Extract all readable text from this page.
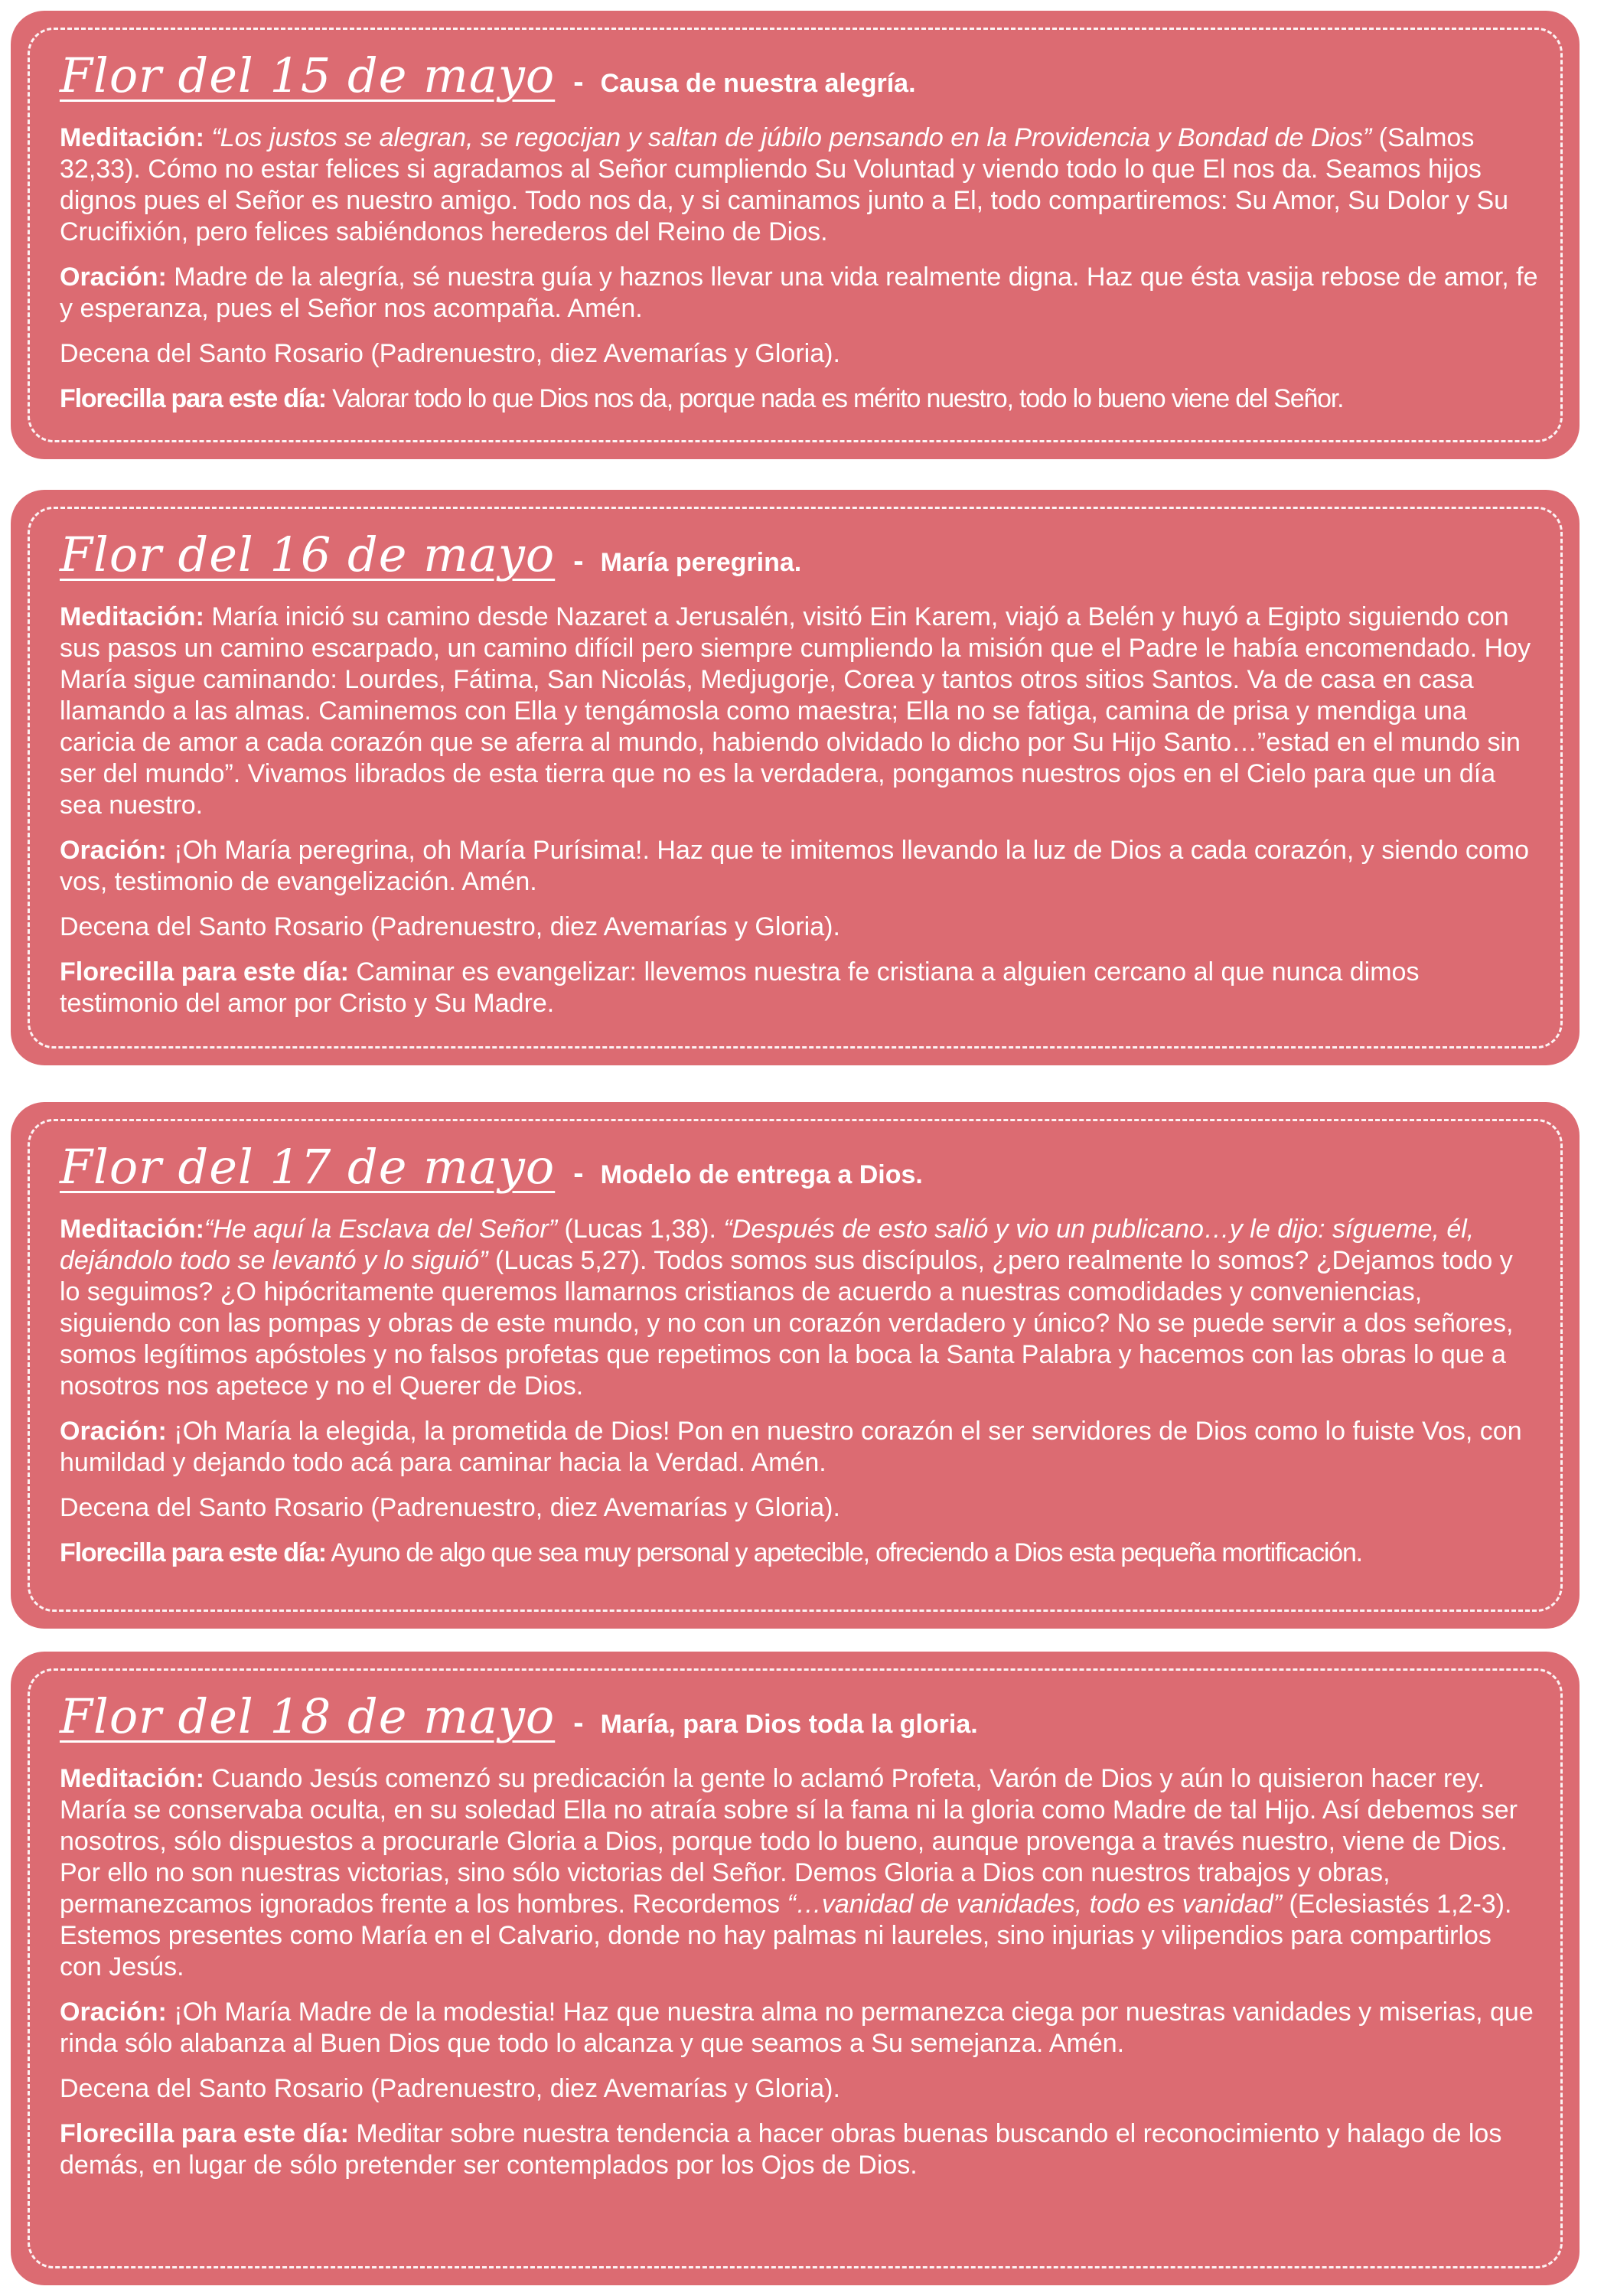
Flor del 15 de mayo - Causa de nuestra alegría.

Meditación: “Los justos se alegran, se regocijan y saltan de júbilo pensando en la Providencia y Bondad de Dios” (Salmos 32,33). Cómo no estar felices si agradamos al Señor cumpliendo Su Voluntad y viendo todo lo que El nos da. Seamos hijos dignos pues el Señor es nuestro amigo. Todo nos da, y si caminamos junto a El, todo compartiremos: Su Amor, Su Dolor y Su Crucifixión, pero felices sabiéndonos herederos del Reino de Dios.

Oración: Madre de la alegría, sé nuestra guía y haznos llevar una vida realmente digna. Haz que ésta vasija rebose de amor, fe y esperanza, pues el Señor nos acompaña. Amén.

Decena del Santo Rosario (Padrenuestro, diez Avemarías y Gloria).

Florecilla para este día: Valorar todo lo que Dios nos da, porque nada es mérito nuestro, todo lo bueno viene del Señor.

Flor del 16 de mayo - María peregrina.

Meditación: María inició su camino desde Nazaret a Jerusalén, visitó Ein Karem, viajó a Belén y huyó a Egipto siguiendo con sus pasos un camino escarpado, un camino difícil pero siempre cumpliendo la misión que el Padre le había encomendado. Hoy María sigue caminando: Lourdes, Fátima, San Nicolás, Medjugorje, Corea y tantos otros sitios Santos. Va de casa en casa llamando a las almas. Caminemos con Ella y tengámosla como maestra; Ella no se fatiga, camina de prisa y mendiga una caricia de amor a cada corazón que se aferra al mundo, habiendo olvidado lo dicho por Su Hijo Santo…”estad en el mundo sin ser del mundo”. Vivamos librados de esta tierra que no es la verdadera, pongamos nuestros ojos en el Cielo para que un día sea nuestro.

Oración: ¡Oh María peregrina, oh María Purísima!. Haz que te imitemos llevando la luz de Dios a cada corazón, y siendo como vos, testimonio de evangelización. Amén.

Decena del Santo Rosario (Padrenuestro, diez Avemarías y Gloria).

Florecilla para este día: Caminar es evangelizar: llevemos nuestra fe cristiana a alguien cercano al que nunca dimos testimonio del amor por Cristo y Su Madre.

Flor del 17 de mayo - Modelo de entrega a Dios.

Meditación:“He aquí la Esclava del Señor” (Lucas 1,38). “Después de esto salió y vio un publicano…y le dijo: sígueme, él, dejándolo todo se levantó y lo siguió” (Lucas 5,27). Todos somos sus discípulos, ¿pero realmente lo somos? ¿Dejamos todo y lo seguimos? ¿O hipócritamente queremos llamarnos cristianos de acuerdo a nuestras comodidades y conveniencias, siguiendo con las pompas y obras de este mundo, y no con un corazón verdadero y único? No se puede servir a dos señores, somos legítimos apóstoles y no falsos profetas que repetimos con la boca la Santa Palabra y hacemos con las obras lo que a nosotros nos apetece y no el Querer de Dios.

Oración: ¡Oh María la elegida, la prometida de Dios! Pon en nuestro corazón el ser servidores de Dios como lo fuiste Vos, con humildad y dejando todo acá para caminar hacia la Verdad. Amén.

Decena del Santo Rosario (Padrenuestro, diez Avemarías y Gloria).

Florecilla para este día: Ayuno de algo que sea muy personal y apetecible, ofreciendo a Dios esta pequeña mortificación.

Flor del 18 de mayo - María, para Dios toda la gloria.

Meditación: Cuando Jesús comenzó su predicación la gente lo aclamó Profeta, Varón de Dios y aún lo quisieron hacer rey. María se conservaba oculta, en su soledad Ella no atraía sobre sí la fama ni la gloria como Madre de tal Hijo. Así debemos ser nosotros, sólo dispuestos a procurarle Gloria a Dios, porque todo lo bueno, aunque provenga a través nuestro, viene de Dios. Por ello no son nuestras victorias, sino sólo victorias del Señor. Demos Gloria a Dios con nuestros trabajos y obras, permanezcamos ignorados frente a los hombres. Recordemos “…vanidad de vanidades, todo es vanidad” (Eclesiastés 1,2-3). Estemos presentes como María en el Calvario, donde no hay palmas ni laureles, sino injurias y vilipendios para compartirlos con Jesús.

Oración: ¡Oh María Madre de la modestia! Haz que nuestra alma no permanezca ciega por nuestras vanidades y miserias, que rinda sólo alabanza al Buen Dios que todo lo alcanza y que seamos a Su semejanza. Amén.

Decena del Santo Rosario (Padrenuestro, diez Avemarías y Gloria).

Florecilla para este día: Meditar sobre nuestra tendencia a hacer obras buenas buscando el reconocimiento y halago de los demás, en lugar de sólo pretender ser contemplados por los Ojos de Dios.
